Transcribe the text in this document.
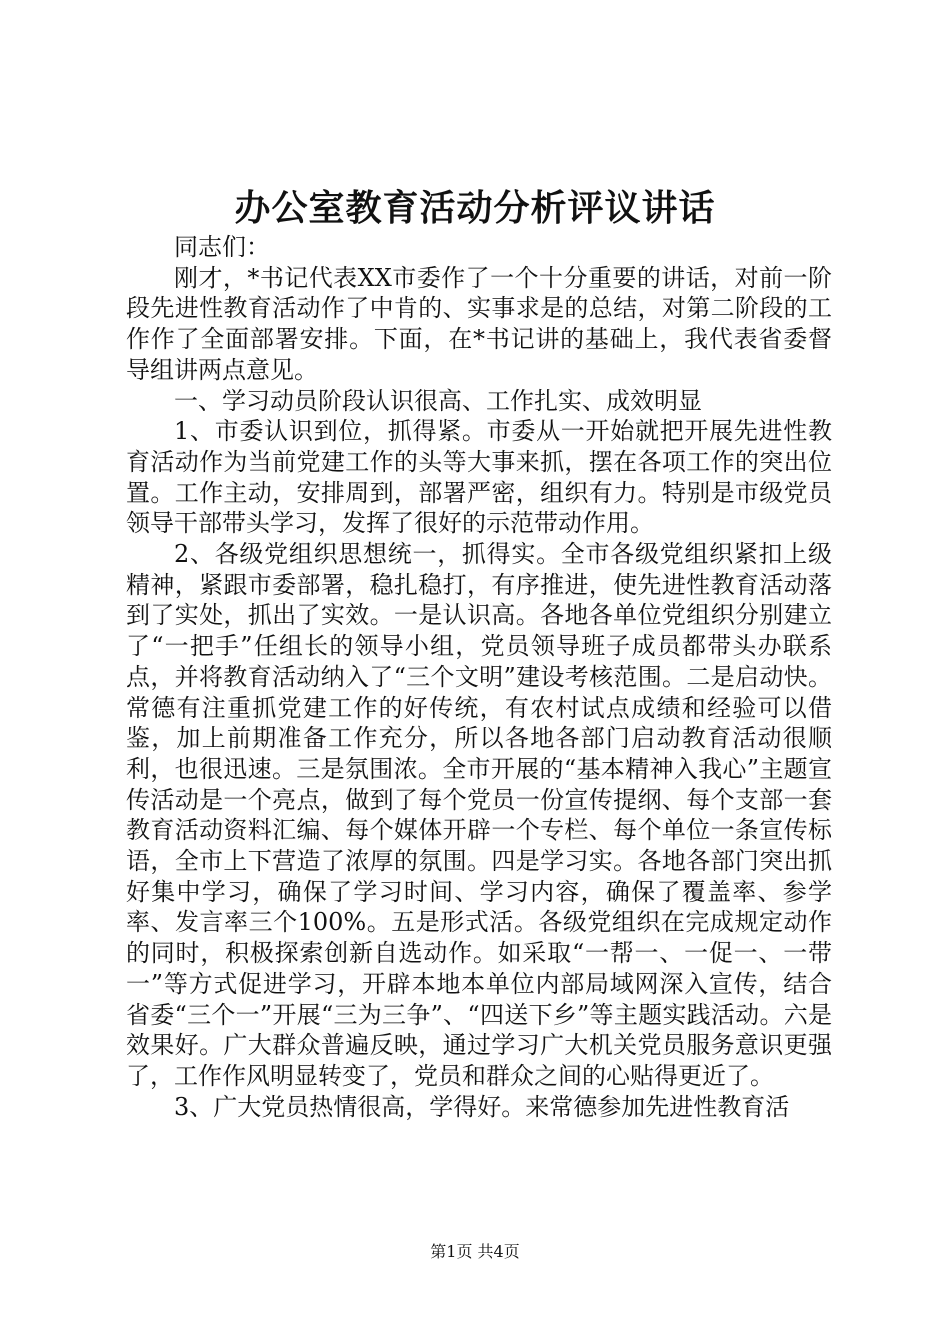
办公室教育活动分析评议讲话

同志们：

刚才，*书记代表XX市委作了一个十分重要的讲话，对前一阶段先进性教育活动作了中肯的、实事求是的总结，对第二阶段的工作作了全面部署安排。下面，在*书记讲的基础上，我代表省委督导组讲两点意见。

一、学习动员阶段认识很高、工作扎实、成效明显

1、市委认识到位，抓得紧。市委从一开始就把开展先进性教育活动作为当前党建工作的头等大事来抓，摆在各项工作的突出位置。工作主动，安排周到，部署严密，组织有力。特别是市级党员领导干部带头学习，发挥了很好的示范带动作用。

2、各级党组织思想统一，抓得实。全市各级党组织紧扣上级精神，紧跟市委部署，稳扎稳打，有序推进，使先进性教育活动落到了实处，抓出了实效。一是认识高。各地各单位党组织分别建立了“一把手”任组长的领导小组，党员领导班子成员都带头办联系点，并将教育活动纳入了“三个文明”建设考核范围。二是启动快。常德有注重抓党建工作的好传统，有农村试点成绩和经验可以借鉴，加上前期准备工作充分，所以各地各部门启动教育活动很顺利，也很迅速。三是氛围浓。全市开展的“基本精神入我心”主题宣传活动是一个亮点，做到了每个党员一份宣传提纲、每个支部一套教育活动资料汇编、每个媒体开辟一个专栏、每个单位一条宣传标语，全市上下营造了浓厚的氛围。四是学习实。各地各部门突出抓好集中学习，确保了学习时间、学习内容，确保了覆盖率、参学率、发言率三个100%。五是形式活。各级党组织在完成规定动作的同时，积极探索创新自选动作。如采取“一帮一、一促一、一带一”等方式促进学习，开辟本地本单位内部局域网深入宣传，结合省委“三个一”开展“三为三争”、“四送下乡”等主题实践活动。六是效果好。广大群众普遍反映，通过学习广大机关党员服务意识更强了，工作作风明显转变了，党员和群众之间的心贴得更近了。

3、广大党员热情很高，学得好。来常德参加先进性教育活

第1页 共4页
